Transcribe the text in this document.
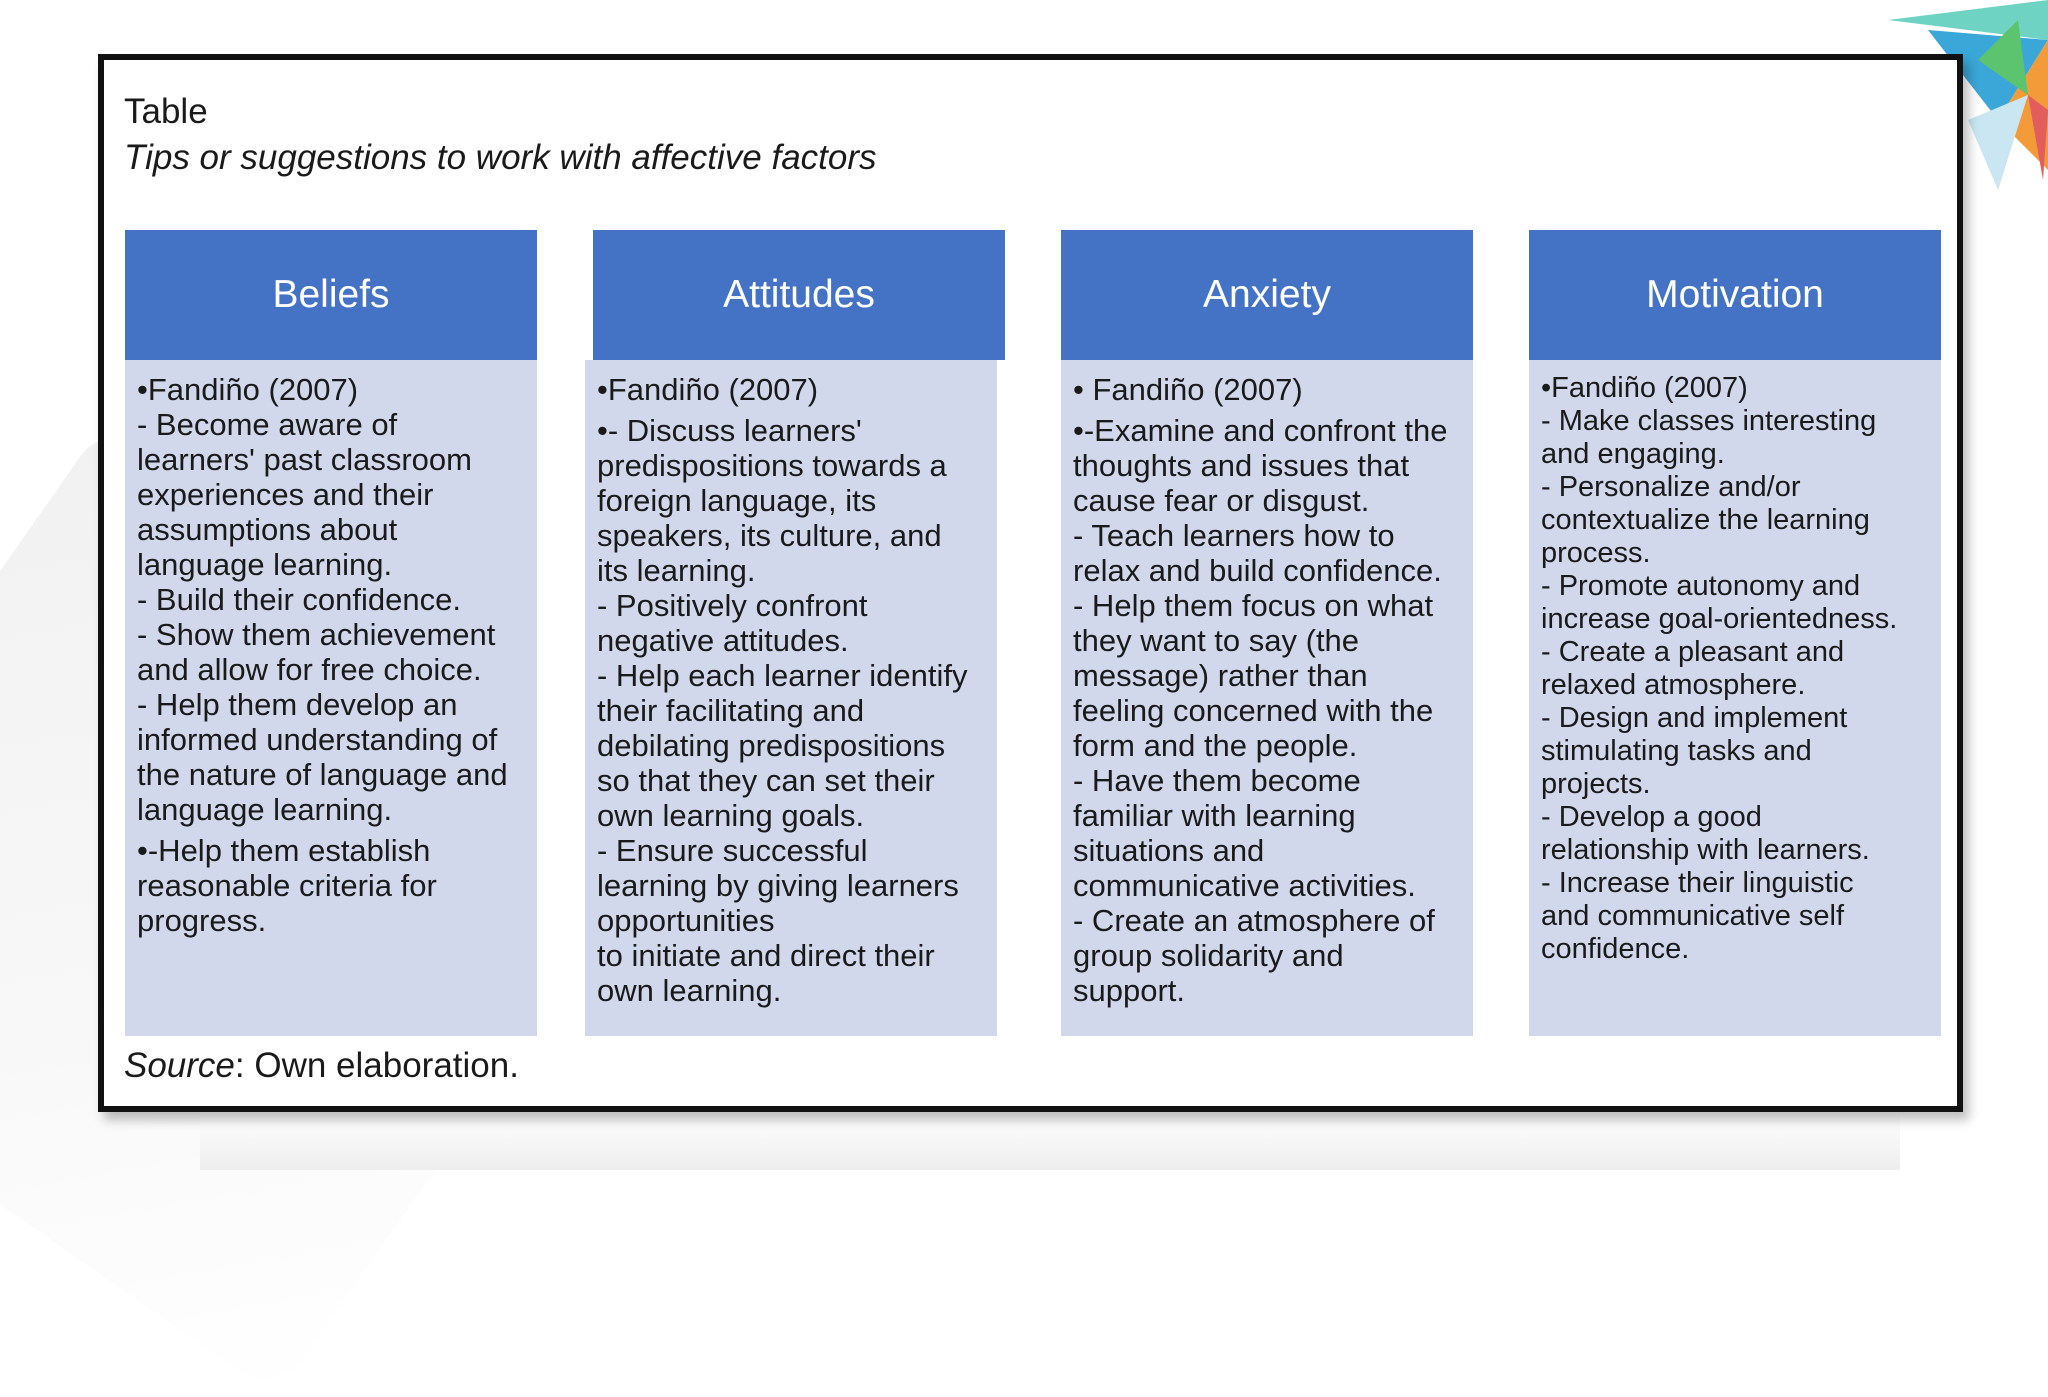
Table
Tips or suggestions to work with affective factors
Beliefs

•Fandiño (2007)
- Become aware of
learners' past classroom
experiences and their
assumptions about
language learning.
- Build their confidence.
- Show them achievement
and allow for free choice.
- Help them develop an
informed understanding of
the nature of language and
language learning.

•-Help them establish
reasonable criteria for
progress.

Attitudes

•Fandiño (2007)

•- Discuss learners'
predispositions towards a
foreign language, its
speakers, its culture, and
its learning.
- Positively confront
negative attitudes.
- Help each learner identify
their facilitating and
debilating predispositions
so that they can set their
own learning goals.
- Ensure successful
learning by giving learners
opportunities
to initiate and direct their
own learning.

Anxiety

• Fandiño (2007)

•-Examine and confront the
thoughts and issues that
cause fear or disgust.
- Teach learners how to
relax and build confidence.
- Help them focus on what
they want to say (the
message) rather than
feeling concerned with the
form and the people.
- Have them become
familiar with learning
situations and
communicative activities.
- Create an atmosphere of
group solidarity and
support.

Motivation

•Fandiño (2007)
- Make classes interesting
and engaging.
- Personalize and/or
contextualize the learning
process.
- Promote autonomy and
increase goal-orientedness.
- Create a pleasant and
relaxed atmosphere.
- Design and implement
stimulating tasks and
projects.
- Develop a good
relationship with learners.
- Increase their linguistic
and communicative self
confidence.

Source: Own elaboration.
